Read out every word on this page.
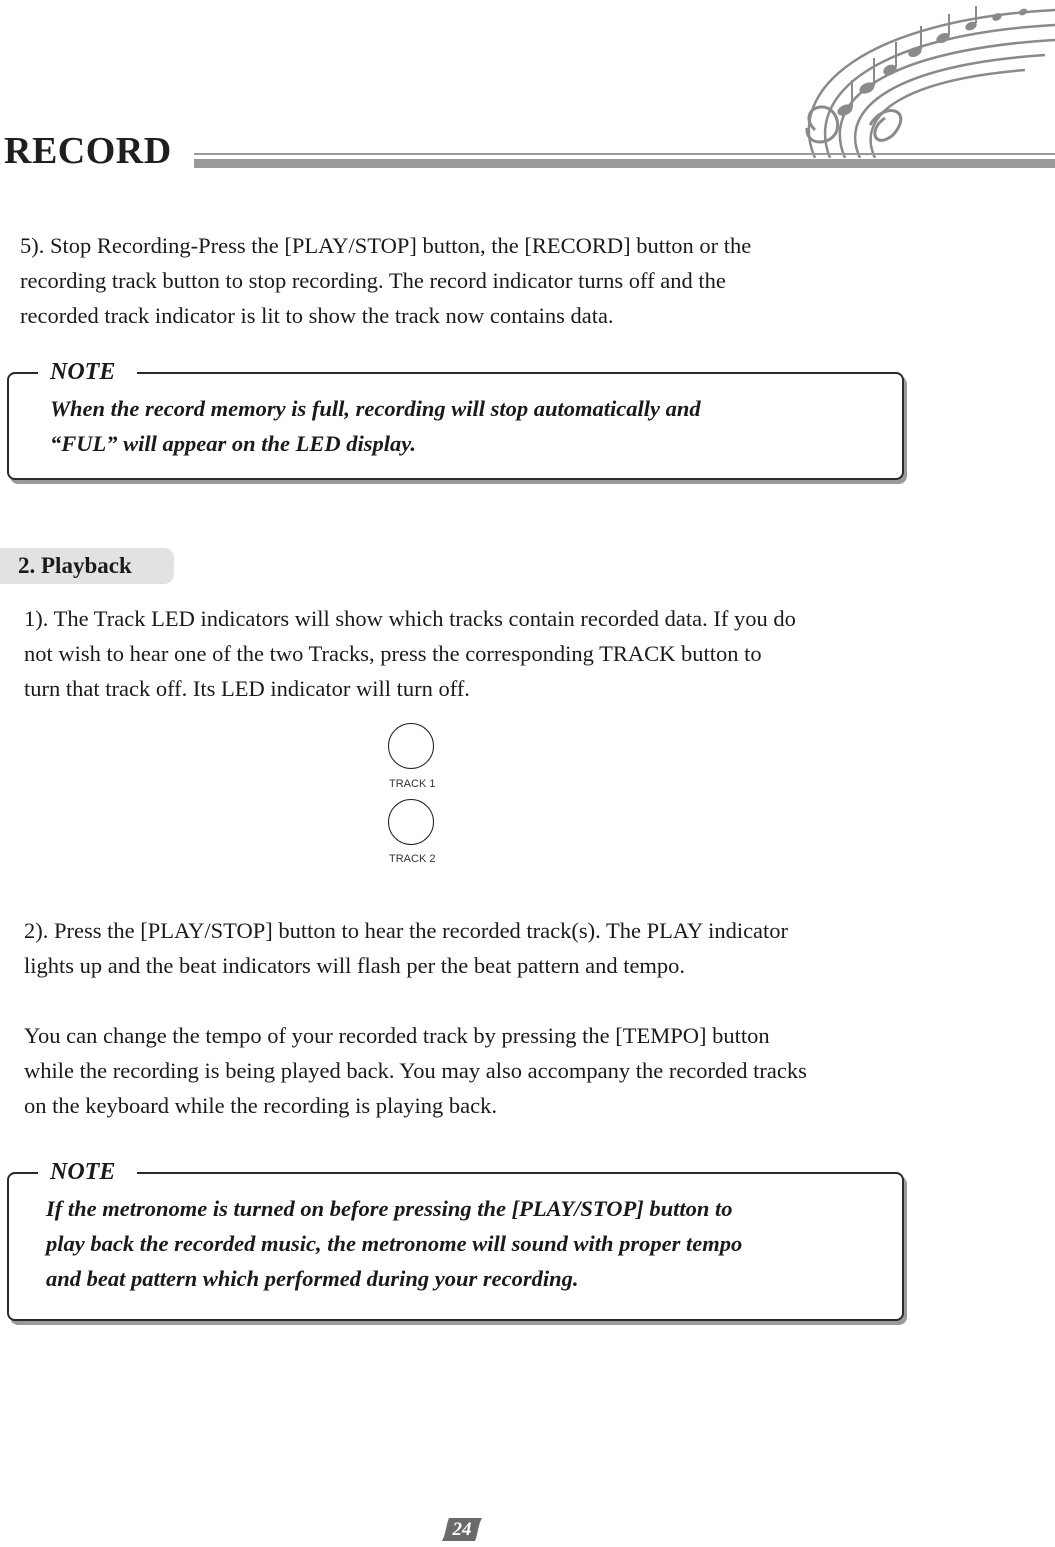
RECORD

5). Stop Recording-Press the [PLAY/STOP] button, the [RECORD] button or the
recording track button to stop recording. The record indicator turns off and the
recorded track indicator is lit to show the track now contains data.

NOTE
When the record memory is full, recording will stop automatically and
“FUL” will appear on the LED display.
2. Playback

1). The Track LED indicators will show which tracks contain recorded data. If you do
not wish to hear one of the two Tracks, press the corresponding TRACK button to
turn that track off. Its LED indicator will turn off.

TRACK 1
TRACK 2

2). Press the [PLAY/STOP] button to hear the recorded track(s). The PLAY indicator
lights up and the beat indicators will flash per the beat pattern and tempo.

You can change the tempo of your recorded track by pressing the [TEMPO] button
while the recording is being played back. You may also accompany the recorded tracks
on the keyboard while the recording is playing back.

NOTE
If the metronome is turned on before pressing the [PLAY/STOP] button to
play back the recorded music, the metronome will sound with proper tempo
and beat pattern which performed during your recording.
24
